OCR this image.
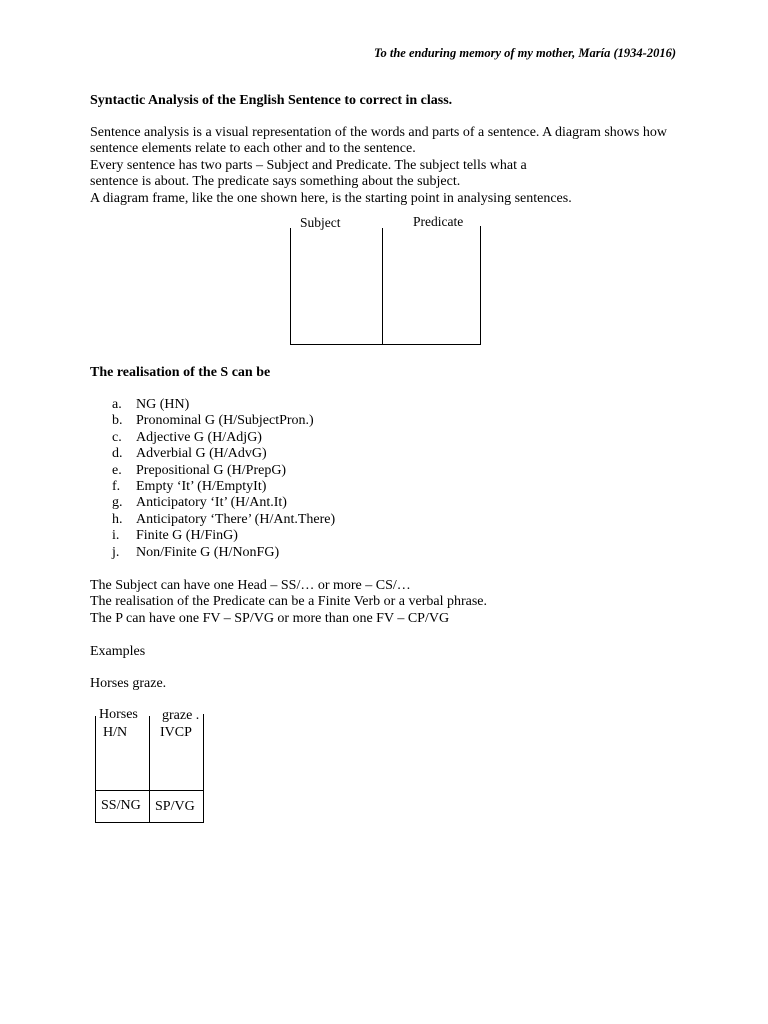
To the enduring memory of my mother, María (1934-2016)
Syntactic Analysis of the English Sentence to correct in class.
Sentence analysis is a visual representation of the words and parts of a sentence. A diagram shows how
sentence elements relate to each other and to the sentence.
Every sentence has two parts – Subject and Predicate. The subject tells what a
sentence is about. The predicate says something about the subject.
A diagram frame, like the one shown here, is the starting point in analysing sentences.
Subject	Predicate
The realisation of the S can be
a. NG (HN)
b. Pronominal G (H/SubjectPron.)
c. Adjective G (H/AdjG)
d. Adverbial G (H/AdvG)
e. Prepositional G (H/PrepG)
f. Empty ‘It’ (H/EmptyIt)
g. Anticipatory ‘It’ (H/Ant.It)
h. Anticipatory ‘There’ (H/Ant.There)
i. Finite G (H/FinG)
j. Non/Finite G (H/NonFG)
The Subject can have one Head – SS/… or more – CS/…
The realisation of the Predicate can be a Finite Verb or a verbal phrase.
The P can have one FV – SP/VG or more than one FV – CP/VG
Examples
Horses graze.
Horses graze .
H/N IVCP
SS/NG SP/VG
